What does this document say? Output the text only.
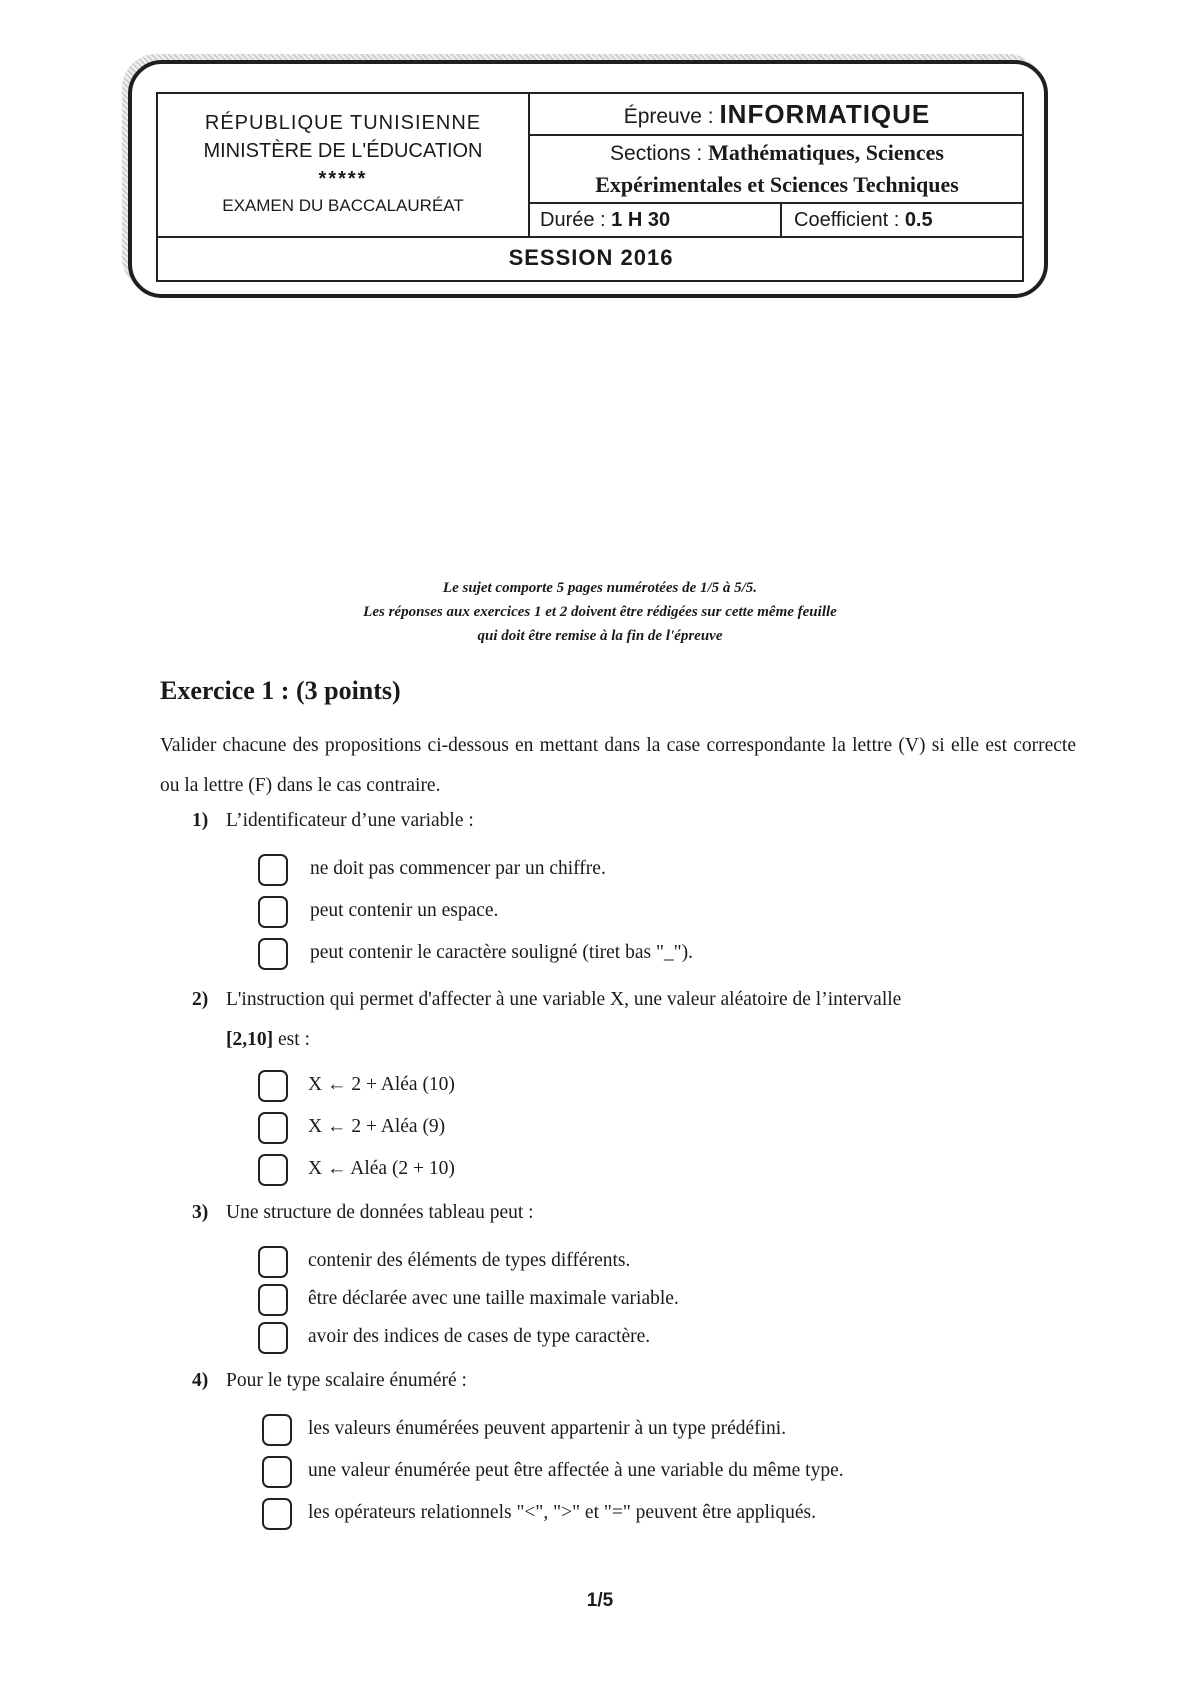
RÉPUBLIQUE TUNISIENNE
MINISTÈRE DE L'ÉDUCATION
*****
EXAMEN DU BACCALAURÉAT
Épreuve : INFORMATIQUE
Sections : Mathématiques, Sciences
Expérimentales et Sciences Techniques
Durée : 1 H 30	Coefficient : 0.5
SESSION 2016
Le sujet comporte 5 pages numérotées de 1/5 à 5/5.
Les réponses aux exercices 1 et 2 doivent être rédigées sur cette même feuille
qui doit être remise à la fin de l'épreuve
Exercice 1 : (3 points)
Valider chacune des propositions ci-dessous en mettant dans la case correspondante la lettre (V) si elle est correcte ou la lettre (F) dans le cas contraire.
1) L’identificateur d’une variable :
ne doit pas commencer par un chiffre.
peut contenir un espace.
peut contenir le caractère souligné (tiret bas "_").
2) L'instruction qui permet d'affecter à une variable X, une valeur aléatoire de l’intervalle
[2,10] est :
X ← 2 + Aléa (10)
X ← 2 + Aléa (9)
X ← Aléa (2 + 10)
3) Une structure de données tableau peut :
contenir des éléments de types différents.
être déclarée avec une taille maximale variable.
avoir des indices de cases de type caractère.
4) Pour le type scalaire énuméré :
les valeurs énumérées peuvent appartenir à un type prédéfini.
une valeur énumérée peut être affectée à une variable du même type.
les opérateurs relationnels "<", ">" et "=" peuvent être appliqués.
1/5
